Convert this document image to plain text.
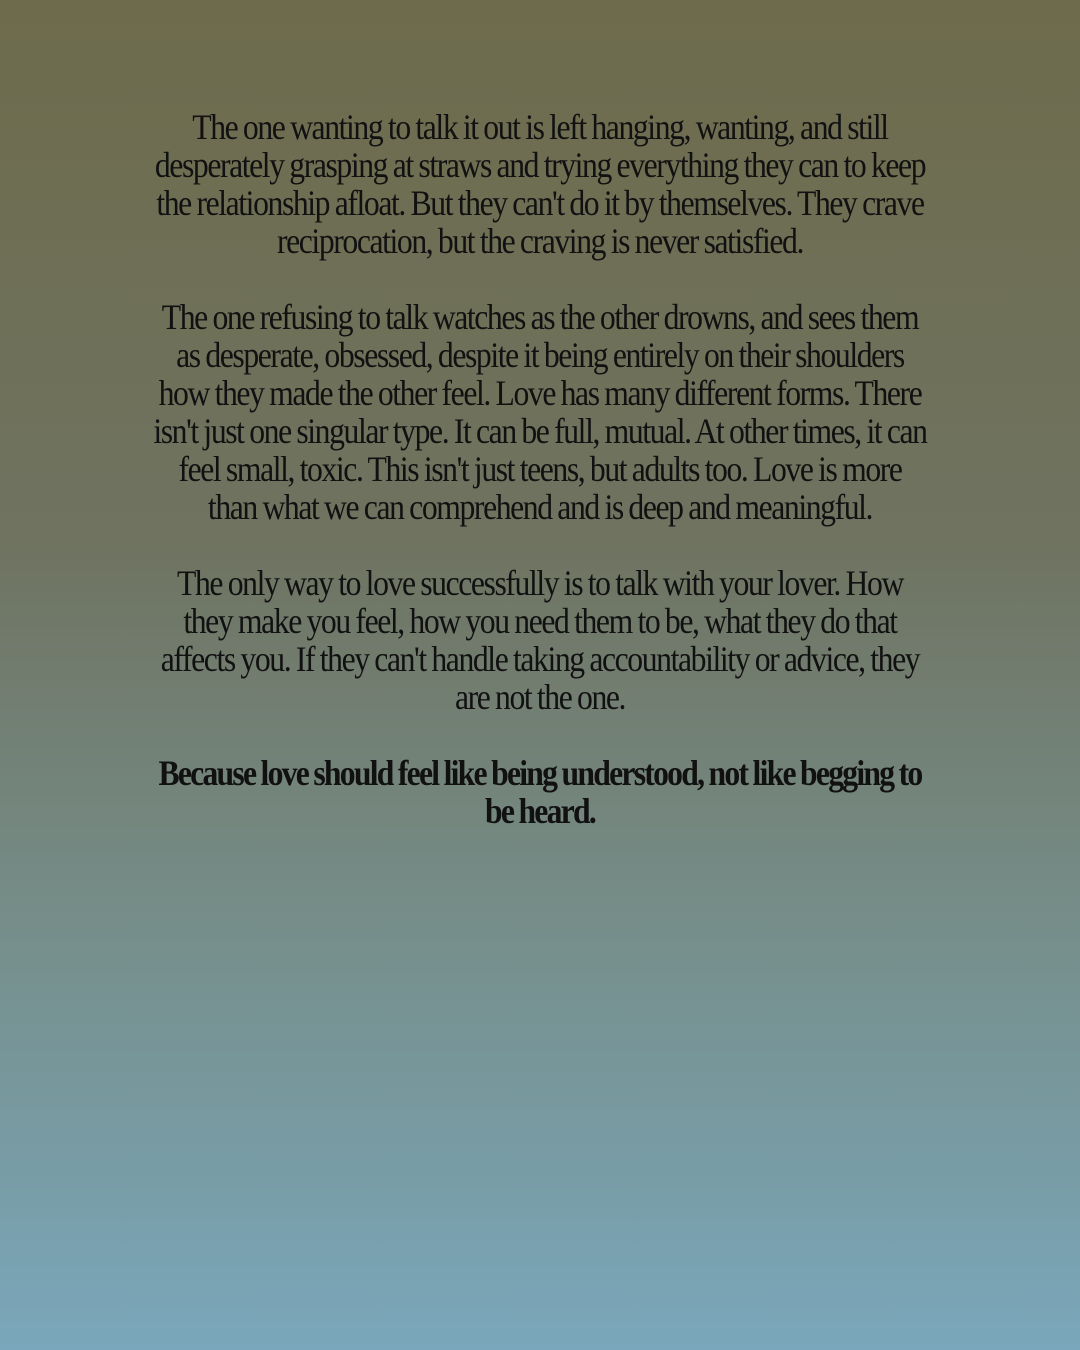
The one wanting to talk it out is left hanging, wanting, and still desperately grasping at straws and trying everything they can to keep the relationship afloat. But they can't do it by themselves. They crave reciprocation, but the craving is never satisfied.

The one refusing to talk watches as the other drowns, and sees them as desperate, obsessed, despite it being entirely on their shoulders how they made the other feel. Love has many different forms. There isn't just one singular type. It can be full, mutual. At other times, it can feel small, toxic. This isn't just teens, but adults too. Love is more than what we can comprehend and is deep and meaningful.

The only way to love successfully is to talk with your lover. How they make you feel, how you need them to be, what they do that affects you. If they can't handle taking accountability or advice, they are not the one.

Because love should feel like being understood, not like begging to be heard.
